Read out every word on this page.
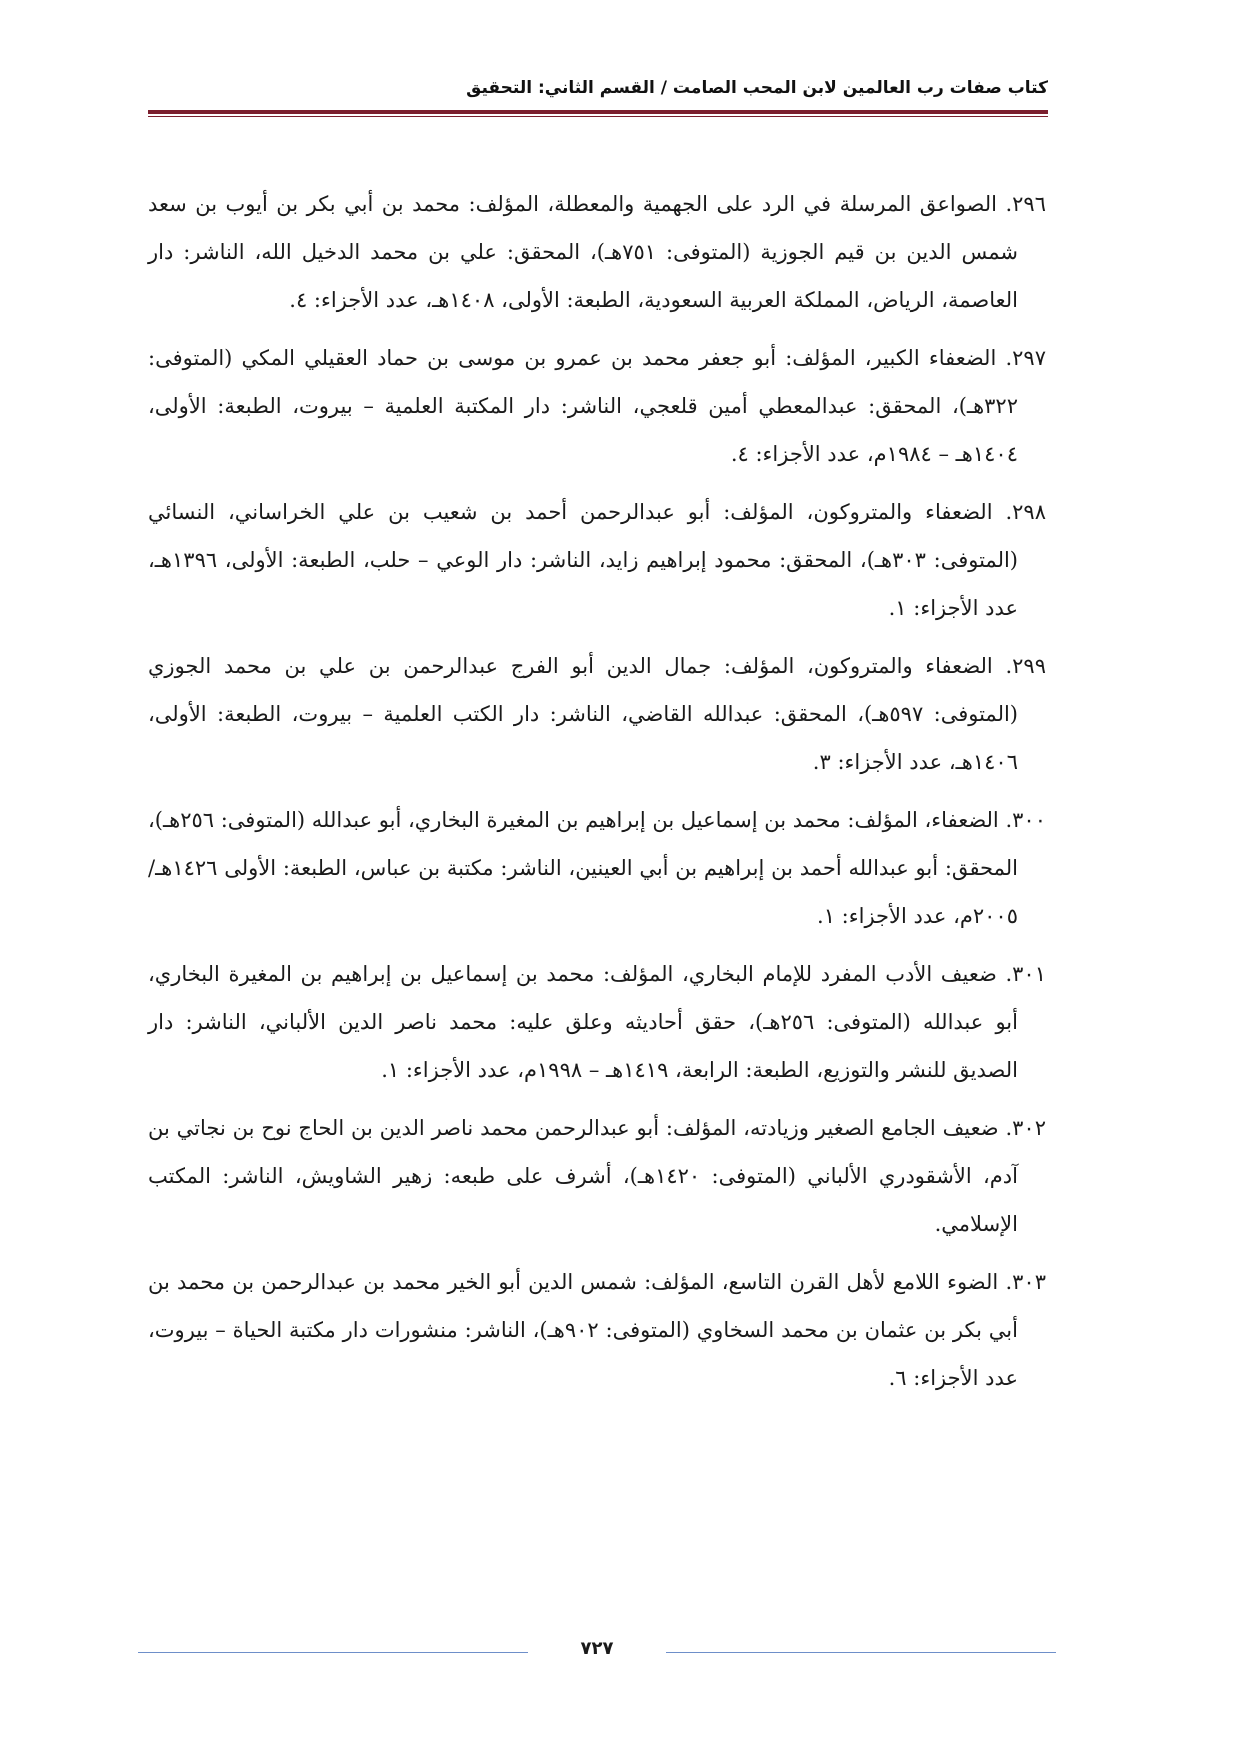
كتاب صفات رب العالمين لابن المحب الصامت / القسم الثاني: التحقيق

٢٩٦. الصواعق المرسلة في الرد على الجهمية والمعطلة، المؤلف: محمد بن أبي بكر بن أيوب بن سعد شمس الدين بن قيم الجوزية (المتوفى: ٧٥١هـ)، المحقق: علي بن محمد الدخيل الله، الناشر: دار العاصمة، الرياض، المملكة العربية السعودية، الطبعة: الأولى، ١٤٠٨هـ، عدد الأجزاء: ٤.

٢٩٧. الضعفاء الكبير، المؤلف: أبو جعفر محمد بن عمرو بن موسى بن حماد العقيلي المكي (المتوفى: ٣٢٢هـ)، المحقق: عبدالمعطي أمين قلعجي، الناشر: دار المكتبة العلمية – بيروت، الطبعة: الأولى، ١٤٠٤هـ – ١٩٨٤م، عدد الأجزاء: ٤.

٢٩٨. الضعفاء والمتروكون، المؤلف: أبو عبدالرحمن أحمد بن شعيب بن علي الخراساني، النسائي (المتوفى: ٣٠٣هـ)، المحقق: محمود إبراهيم زايد، الناشر: دار الوعي – حلب، الطبعة: الأولى، ١٣٩٦هـ، عدد الأجزاء: ١.

٢٩٩. الضعفاء والمتروكون، المؤلف: جمال الدين أبو الفرج عبدالرحمن بن علي بن محمد الجوزي (المتوفى: ٥٩٧هـ)، المحقق: عبدالله القاضي، الناشر: دار الكتب العلمية – بيروت، الطبعة: الأولى، ١٤٠٦هـ، عدد الأجزاء: ٣.

٣٠٠. الضعفاء، المؤلف: محمد بن إسماعيل بن إبراهيم بن المغيرة البخاري، أبو عبدالله (المتوفى: ٢٥٦هـ)، المحقق: أبو عبدالله أحمد بن إبراهيم بن أبي العينين، الناشر: مكتبة بن عباس، الطبعة: الأولى ١٤٢٦هـ/ ٢٠٠٥م، عدد الأجزاء: ١.

٣٠١. ضعيف الأدب المفرد للإمام البخاري، المؤلف: محمد بن إسماعيل بن إبراهيم بن المغيرة البخاري، أبو عبدالله (المتوفى: ٢٥٦هـ)، حقق أحاديثه وعلق عليه: محمد ناصر الدين الألباني، الناشر: دار الصديق للنشر والتوزيع، الطبعة: الرابعة، ١٤١٩هـ – ١٩٩٨م، عدد الأجزاء: ١.

٣٠٢. ضعيف الجامع الصغير وزيادته، المؤلف: أبو عبدالرحمن محمد ناصر الدين بن الحاج نوح بن نجاتي بن آدم، الأشقودري الألباني (المتوفى: ١٤٢٠هـ)، أشرف على طبعه: زهير الشاويش، الناشر: المكتب الإسلامي.

٣٠٣. الضوء اللامع لأهل القرن التاسع، المؤلف: شمس الدين أبو الخير محمد بن عبدالرحمن بن محمد بن أبي بكر بن عثمان بن محمد السخاوي (المتوفى: ٩٠٢هـ)، الناشر: منشورات دار مكتبة الحياة – بيروت، عدد الأجزاء: ٦.

٧٢٧
